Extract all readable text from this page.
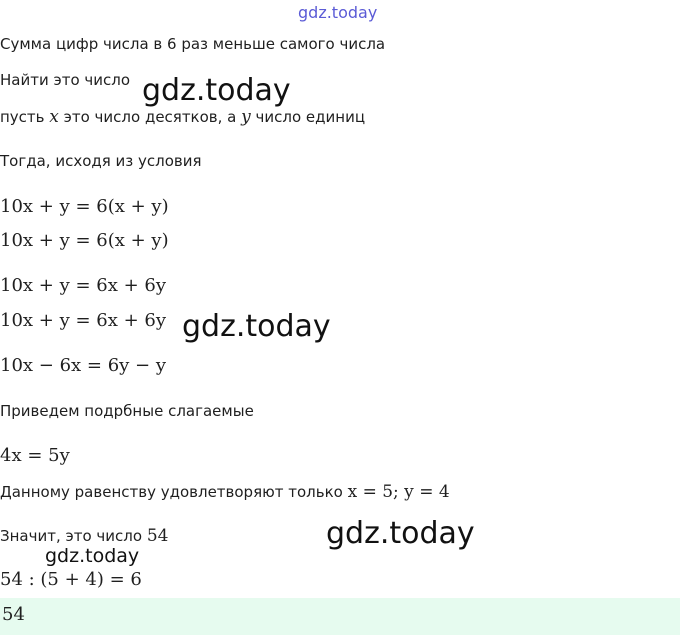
gdz.today
gdz.today
gdz.today
gdz.today
gdz.today
Сумма цифр числа в 6 раз меньше самого числа
Найти это число
пусть x это число десятков, а y число единиц
Тогда, исходя из условия
10x + y = 6(x + y)
10x + y = 6(x + y)
10x + y = 6x + 6y
10x + y = 6x + 6y
10x − 6x = 6y − y
Приведем подрбные слагаемые
4x = 5y
Данному равенству удовлетворяют только x = 5; y = 4
Значит, это число 54
54 : (5 + 4) = 6
54
